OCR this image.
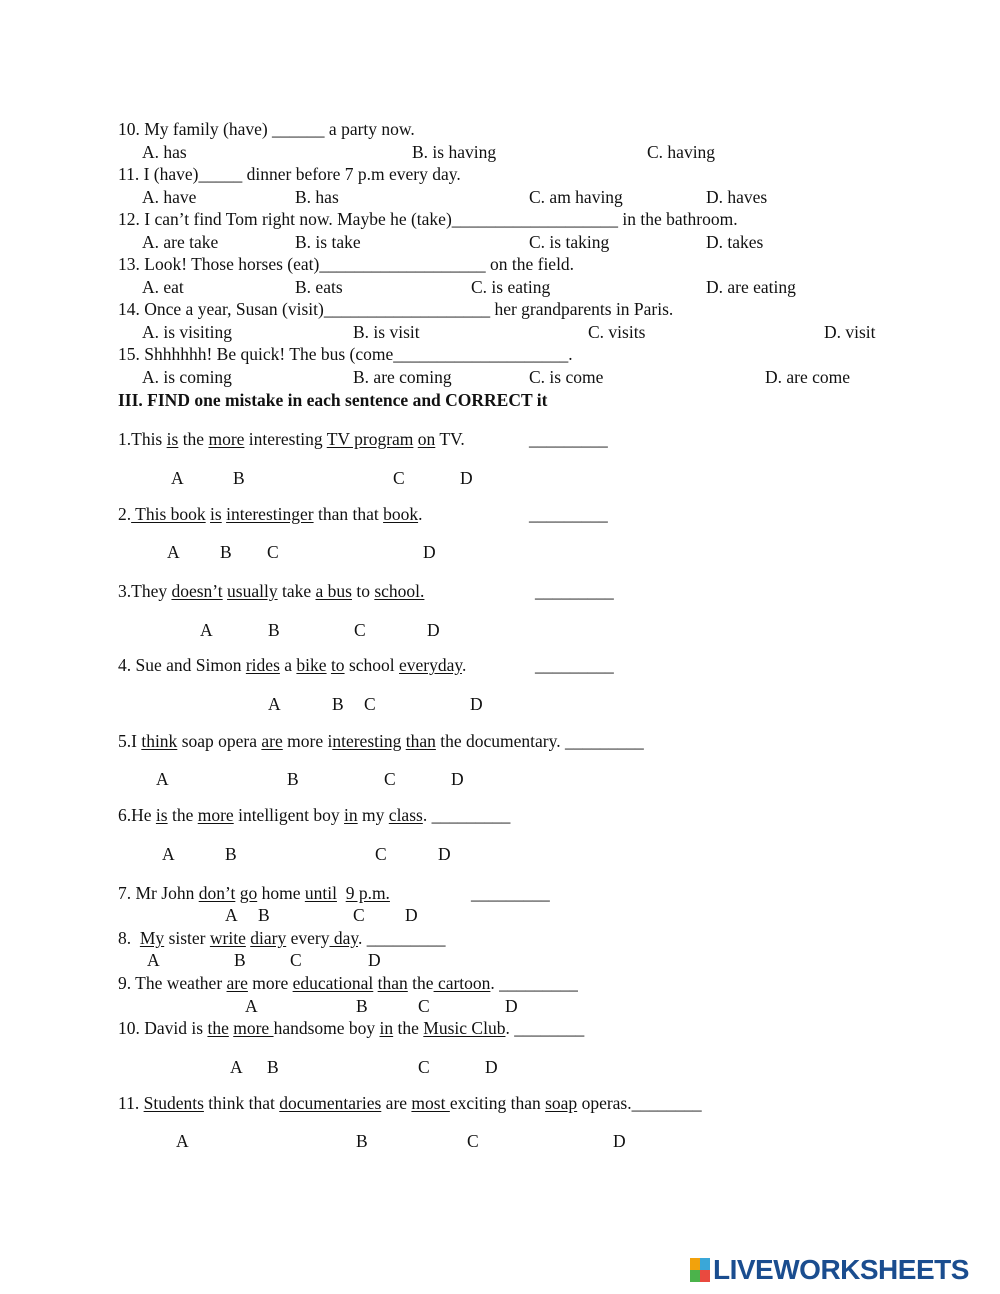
10. My family (have) ______ a party now.
A. has	B. is having	C. having
11. I (have)_____ dinner before 7 p.m every day.
A. have	B. has	C. am having	D. haves
12. I can’t find Tom right now. Maybe he (take)___________________ in the bathroom.
A. are take	B. is take	C. is taking	D. takes
13. Look! Those horses (eat)___________________ on the field.
A. eat	B. eats	C. is eating	D. are eating
14. Once a year, Susan (visit)___________________ her grandparents in Paris.
A. is visiting	B. is visit	C. visits	D. visit
15. Shhhhhh! Be quick! The bus (come____________________.
A. is coming	B. are coming	C. is come	D. are come
III. FIND one mistake in each sentence and CORRECT it
1.This is the more interesting TV program on TV.	_________
A	B	C	D
2. This book is interestinger than that book.	_________
A B C	D
3.They doesn’t usually take a bus to school.	_________
A	B	C	D
4. Sue and Simon rides a bike to school everyday.	_________
A	B C	D
5.I think soap opera are more interesting than the documentary. _________
A	B	C	D
6.He is the more intelligent boy in my class. _________
A	B	C	D
7. Mr John don’t go home until 9 p.m.	_________
A B	C D
8.  My sister write diary every day. _________
A	B	C	D
9. The weather are more educational than the cartoon. _________
A	B	C	D
10. David is the more handsome boy in the Music Club. ________
A B	C	D
11. Students think that documentaries are most exciting than soap operas.________
A	B	C	D
LIVEWORKSHEETS
